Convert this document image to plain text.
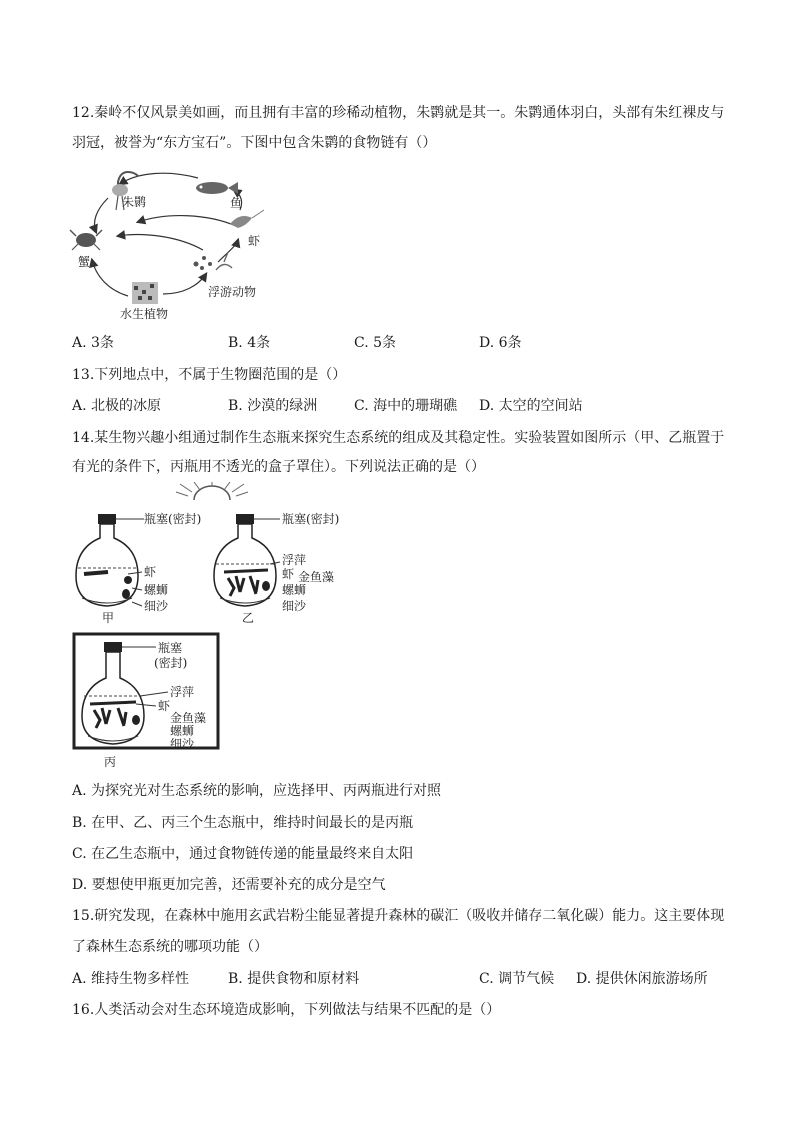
12.秦岭不仅风景美如画，而且拥有丰富的珍稀动植物，朱鹮就是其一。朱鹮通体羽白，头部有朱红裸皮与
羽冠，被誉为“东方宝石”。下图中包含朱鹮的食物链有（）
朱鹮	鱼
虾
蟹
浮游动物
水生植物
A. 3条	B. 4条	C. 5条	D. 6条
13.下列地点中，不属于生物圈范围的是（）
A. 北极的冰原	B. 沙漠的绿洲	C. 海中的珊瑚礁 D. 太空的空间站
14.某生物兴趣小组通过制作生态瓶来探究生态系统的组成及其稳定性。实验装置如图所示（甲、乙瓶置于
有光的条件下，丙瓶用不透光的盒子罩住）。下列说法正确的是（）
瓶塞(密封)
虾
螺蛳
细沙
甲
瓶塞(密封)
浮萍
虾 金鱼藻
螺蛳
细沙
乙
瓶塞
(密封)
浮萍
虾
金鱼藻
螺蛳
细沙
丙
A. 为探究光对生态系统的影响，应选择甲、丙两瓶进行对照
B. 在甲、乙、丙三个生态瓶中，维持时间最长的是丙瓶
C. 在乙生态瓶中，通过食物链传递的能量最终来自太阳
D. 要想使甲瓶更加完善，还需要补充的成分是空气
15.研究发现，在森林中施用玄武岩粉尘能显著提升森林的碳汇（吸收并储存二氧化碳）能力。这主要体现
了森林生态系统的哪项功能（）
A. 维持生物多样性	B. 提供食物和原材料	C. 调节气候 D. 提供休闲旅游场所
16.人类活动会对生态环境造成影响，下列做法与结果不匹配的是（）
